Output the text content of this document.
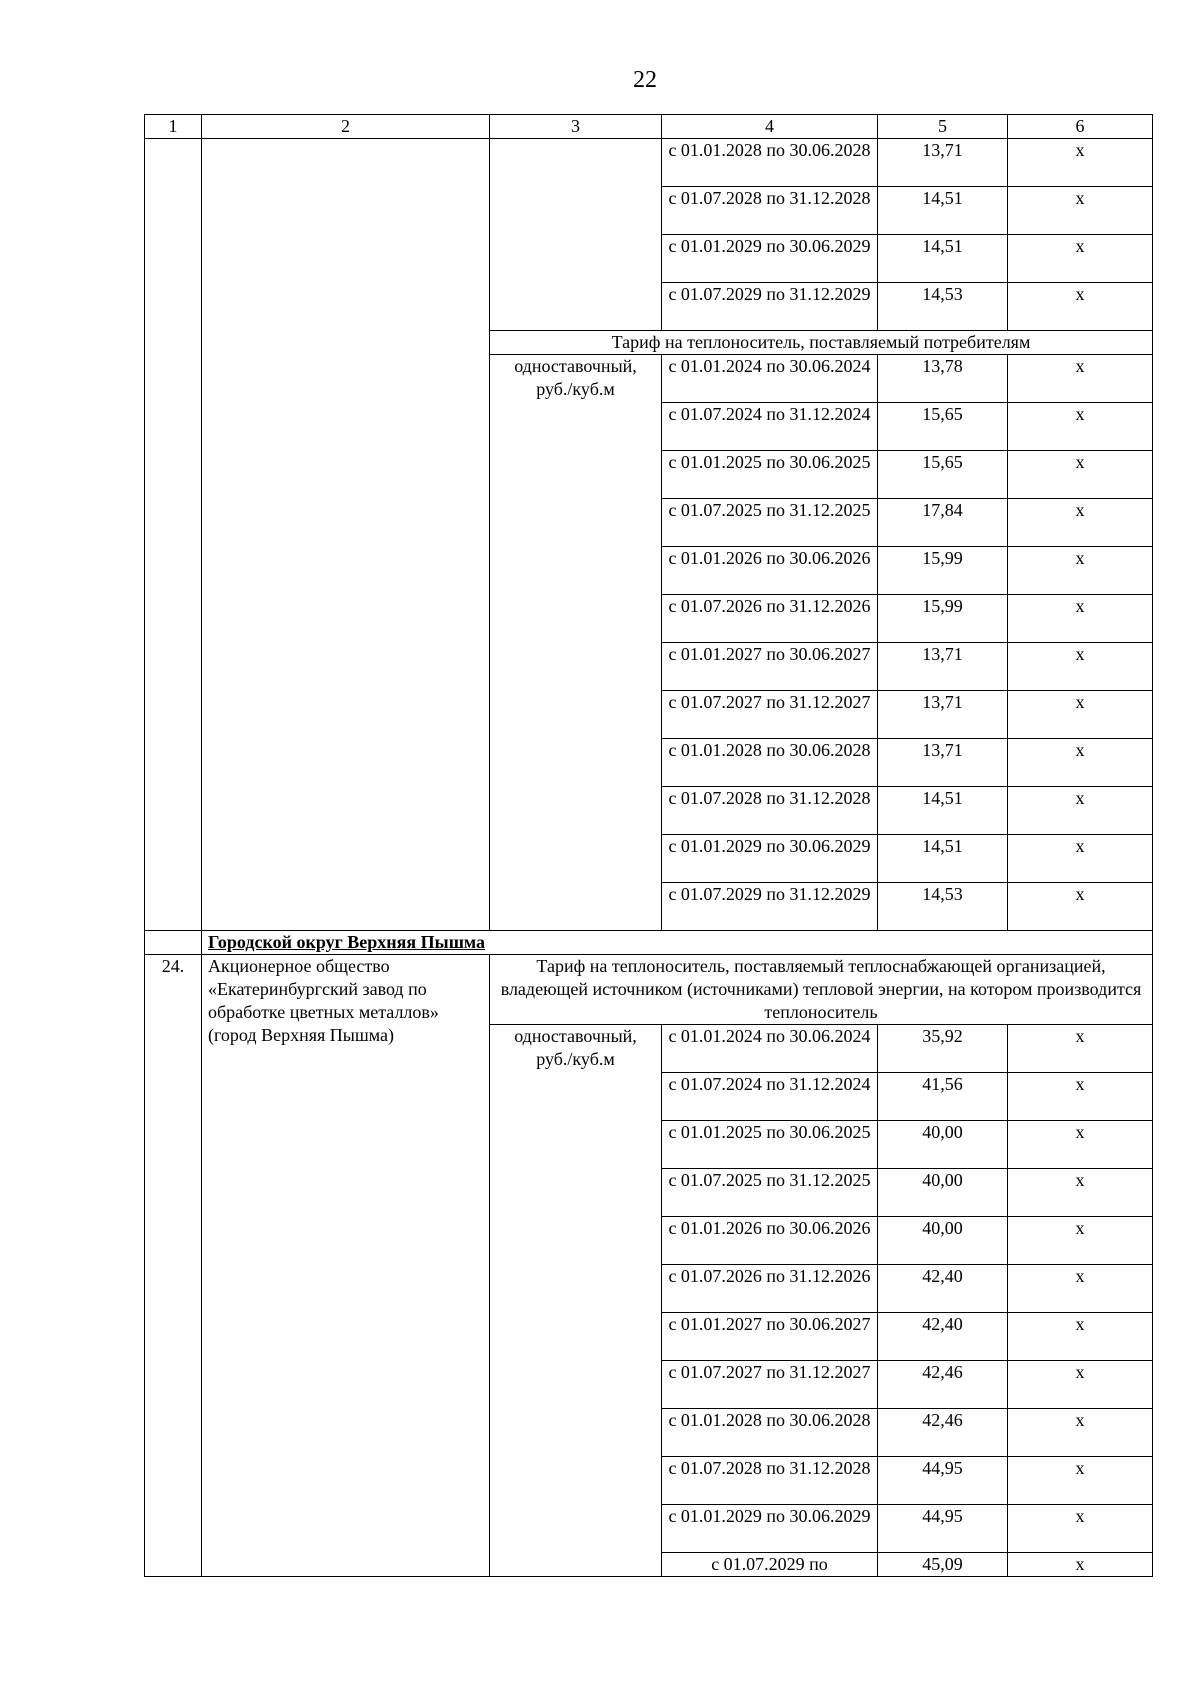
22
1	2	3	4	5	6
			с 01.01.2028 по 30.06.2028	13,71	х
			с 01.07.2028 по 31.12.2028	14,51	х
			с 01.01.2029 по 30.06.2029	14,51	х
			с 01.07.2029 по 31.12.2029	14,53	х
		Тариф на теплоноситель, поставляемый потребителям			
		одноставочный, руб./куб.м	с 01.01.2024 по 30.06.2024	13,78	х
			с 01.07.2024 по 31.12.2024	15,65	х
			с 01.01.2025 по 30.06.2025	15,65	х
			с 01.07.2025 по 31.12.2025	17,84	х
			с 01.01.2026 по 30.06.2026	15,99	х
			с 01.07.2026 по 31.12.2026	15,99	х
			с 01.01.2027 по 30.06.2027	13,71	х
			с 01.07.2027 по 31.12.2027	13,71	х
			с 01.01.2028 по 30.06.2028	13,71	х
			с 01.07.2028 по 31.12.2028	14,51	х
			с 01.01.2029 по 30.06.2029	14,51	х
			с 01.07.2029 по 31.12.2029	14,53	х
	Городской округ Верхняя Пышма				
24.	Акционерное общество «Екатеринбургский завод по обработке цветных металлов» (город Верхняя Пышма)	Тариф на теплоноситель, поставляемый теплоснабжающей организацией, владеющей источником (источниками) тепловой энергии, на котором производится теплоноситель			
		одноставочный, руб./куб.м	с 01.01.2024 по 30.06.2024	35,92	х
			с 01.07.2024 по 31.12.2024	41,56	х
			с 01.01.2025 по 30.06.2025	40,00	х
			с 01.07.2025 по 31.12.2025	40,00	х
			с 01.01.2026 по 30.06.2026	40,00	х
			с 01.07.2026 по 31.12.2026	42,40	х
			с 01.01.2027 по 30.06.2027	42,40	х
			с 01.07.2027 по 31.12.2027	42,46	х
			с 01.01.2028 по 30.06.2028	42,46	х
			с 01.07.2028 по 31.12.2028	44,95	х
			с 01.01.2029 по 30.06.2029	44,95	х
			с 01.07.2029 по	45,09	х
